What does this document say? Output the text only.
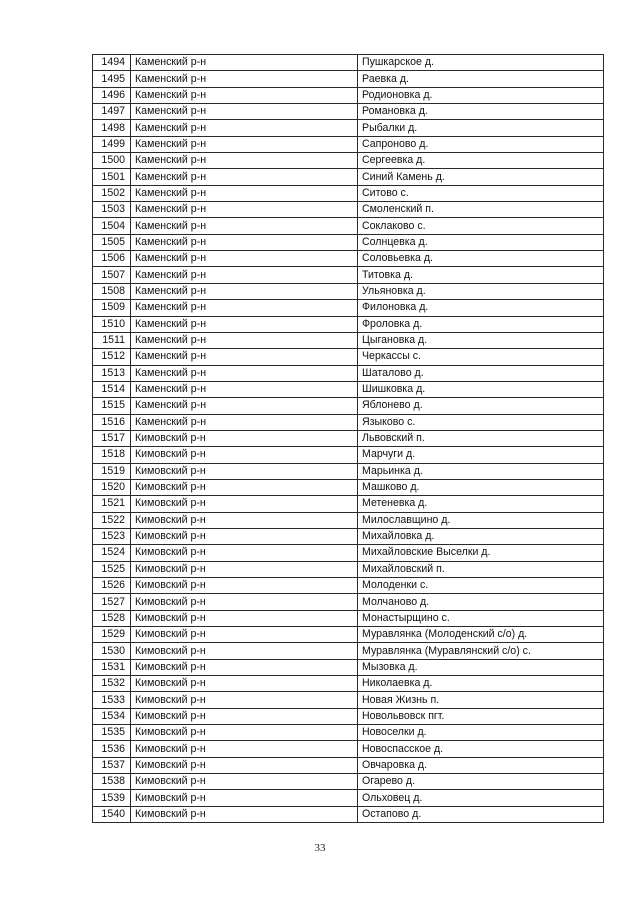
1494	Каменский р-н	Пушкарское д.
1495	Каменский р-н	Раевка д.
1496	Каменский р-н	Родионовка д.
1497	Каменский р-н	Романовка д.
1498	Каменский р-н	Рыбалки д.
1499	Каменский р-н	Сапроново д.
1500	Каменский р-н	Сергеевка д.
1501	Каменский р-н	Синий Камень д.
1502	Каменский р-н	Ситово с.
1503	Каменский р-н	Смоленский п.
1504	Каменский р-н	Соклаково с.
1505	Каменский р-н	Солнцевка д.
1506	Каменский р-н	Соловьевка д.
1507	Каменский р-н	Титовка д.
1508	Каменский р-н	Ульяновка д.
1509	Каменский р-н	Филоновка д.
1510	Каменский р-н	Фроловка д.
1511	Каменский р-н	Цыгановка д.
1512	Каменский р-н	Черкассы с.
1513	Каменский р-н	Шаталово д.
1514	Каменский р-н	Шишковка д.
1515	Каменский р-н	Яблонево д.
1516	Каменский р-н	Языково с.
1517	Кимовский р-н	Львовский п.
1518	Кимовский р-н	Марчуги д.
1519	Кимовский р-н	Марьинка д.
1520	Кимовский р-н	Машково д.
1521	Кимовский р-н	Метеневка д.
1522	Кимовский р-н	Милославщино д.
1523	Кимовский р-н	Михайловка д.
1524	Кимовский р-н	Михайловские Выселки д.
1525	Кимовский р-н	Михайловский п.
1526	Кимовский р-н	Молоденки с.
1527	Кимовский р-н	Молчаново д.
1528	Кимовский р-н	Монастырщино с.
1529	Кимовский р-н	Муравлянка (Молоденский с/о) д.
1530	Кимовский р-н	Муравлянка (Муравлянский с/о) с.
1531	Кимовский р-н	Мызовка д.
1532	Кимовский р-н	Николаевка д.
1533	Кимовский р-н	Новая Жизнь п.
1534	Кимовский р-н	Новольвовск пгт.
1535	Кимовский р-н	Новоселки д.
1536	Кимовский р-н	Новоспасское д.
1537	Кимовский р-н	Овчаровка д.
1538	Кимовский р-н	Огарево д.
1539	Кимовский р-н	Ольховец д.
1540	Кимовский р-н	Остапово д.
33
